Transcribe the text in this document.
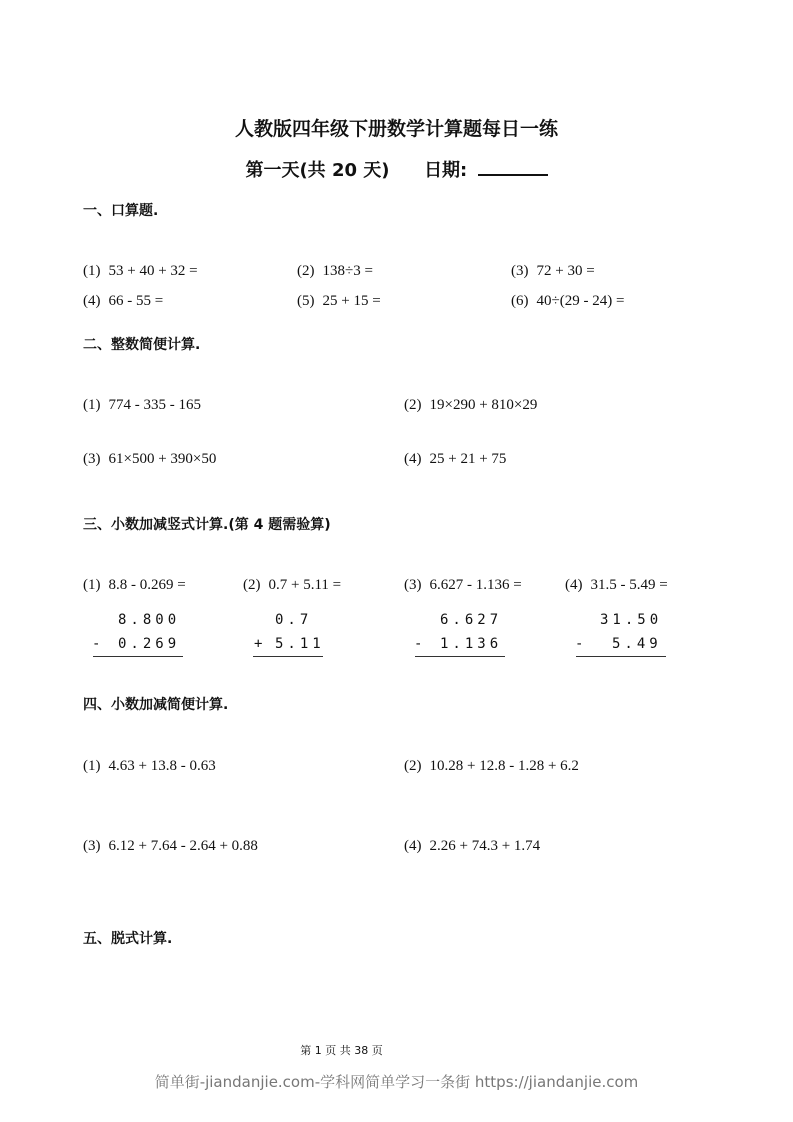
人教版四年级下册数学计算题每日一练
第一天(共 20 天) 日期:
一、口算题.
(1) 53 + 40 + 32 =	(2) 138÷3 =	(3) 72 + 30 =
(4) 66 - 55 =	(5) 25 + 15 =	(6) 40÷(29 - 24) =
二、整数简便计算.
(1) 774 - 335 - 165	(2) 19×290 + 810×29
(3) 61×500 + 390×50	(4) 25 + 21 + 75
三、小数加减竖式计算.(第 4 题需验算)
(1) 8.8 - 0.269 =	(2) 0.7 + 5.11 =	(3) 6.627 - 1.136 =	(4) 31.5 - 5.49 =
8.800
- 0.269
0.7
+ 5.11
6.627
- 1.136
31.50
- 5.49
四、小数加减简便计算.
(1) 4.63 + 13.8 - 0.63	(2) 10.28 + 12.8 - 1.28 + 6.2
(3) 6.12 + 7.64 - 2.64 + 0.88	(4) 2.26 + 74.3 + 1.74
五、脱式计算.
第 1 页 共 38 页
简单街-jiandanjie.com-学科网简单学习一条街 https://jiandanjie.com
